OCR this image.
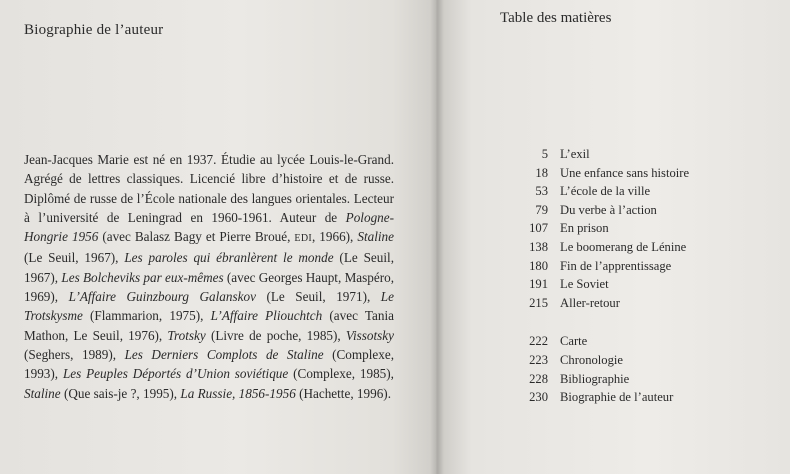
Biographie de l’auteur
Jean-Jacques Marie est né en 1937. Étudie au lycée Louis-le-Grand. Agrégé de lettres classiques. Licencié libre d’histoire et de russe. Diplômé de russe de l’École nationale des langues orientales. Lecteur à l’université de Leningrad en 1960-1961. Auteur de Pologne-Hongrie 1956 (avec Balasz Bagy et Pierre Broué, EDI, 1966), Staline (Le Seuil, 1967), Les paroles qui ébranlèrent le monde (Le Seuil, 1967), Les Bolcheviks par eux-mêmes (avec Georges Haupt, Maspéro, 1969), L’Affaire Guinzbourg Galanskov (Le Seuil, 1971), Le Trotskysme (Flammarion, 1975), L’Affaire Pliouchtch (avec Tania Mathon, Le Seuil, 1976), Trotsky (Livre de poche, 1985), Vissotsky (Seghers, 1989), Les Derniers Complots de Staline (Complexe, 1993), Les Peuples Déportés d’Union soviétique (Complexe, 1985), Staline (Que sais-je ?, 1995), La Russie, 1856-1956 (Hachette, 1996).
Table des matières
5 L’exil
18 Une enfance sans histoire
53 L’école de la ville
79 Du verbe à l’action
107 En prison
138 Le boomerang de Lénine
180 Fin de l’apprentissage
191 Le Soviet
215 Aller-retour
222 Carte
223 Chronologie
228 Bibliographie
230 Biographie de l’auteur
